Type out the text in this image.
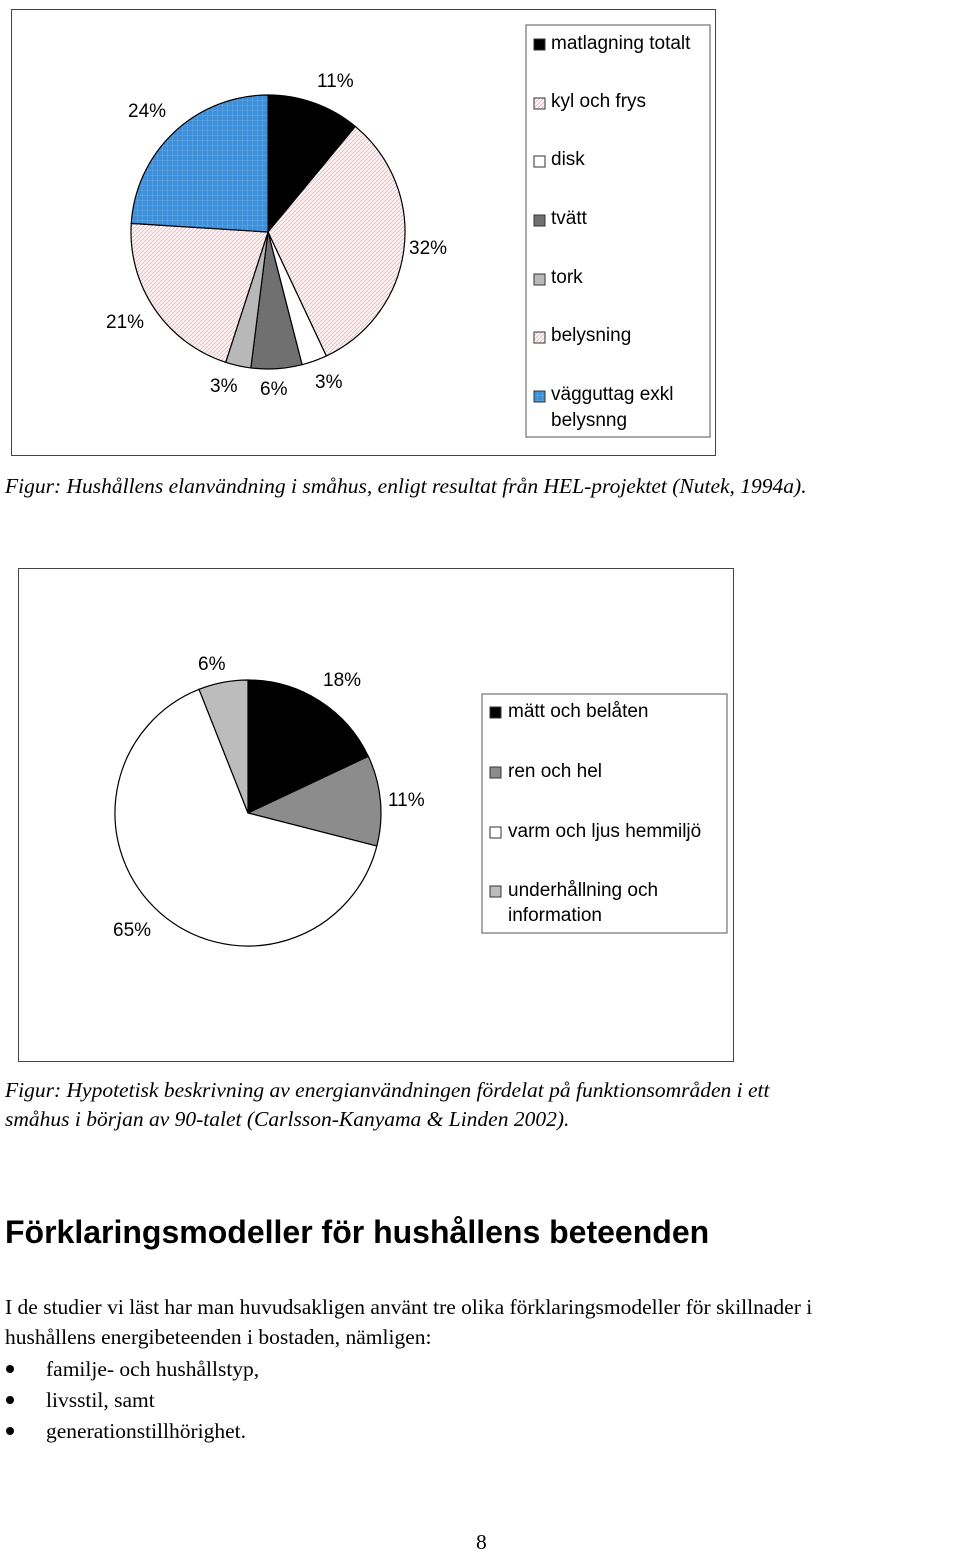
11%
32%
3%
6%
3%
21%
24%
matlagning totalt
kyl och frys
disk
tvätt
tork
belysning
vägguttag exkl
belysnng
Figur: Hushållens elanvändning i småhus, enligt resultat från HEL-projektet (Nutek, 1994a).
18%
11%
65%
6%
mätt och belåten
ren och hel
varm och ljus hemmiljö
underhållning och
information
Figur: Hypotetisk beskrivning av energianvändningen fördelat på funktionsområden i ett
småhus i början av 90-talet (Carlsson-Kanyama & Linden 2002).
Förklaringsmodeller för hushållens beteenden
I de studier vi läst har man huvudsakligen använt tre olika förklaringsmodeller för skillnader i
hushållens energibeteenden i bostaden, nämligen:
familje- och hushållstyp,
livsstil, samt
generationstillhörighet.
8
